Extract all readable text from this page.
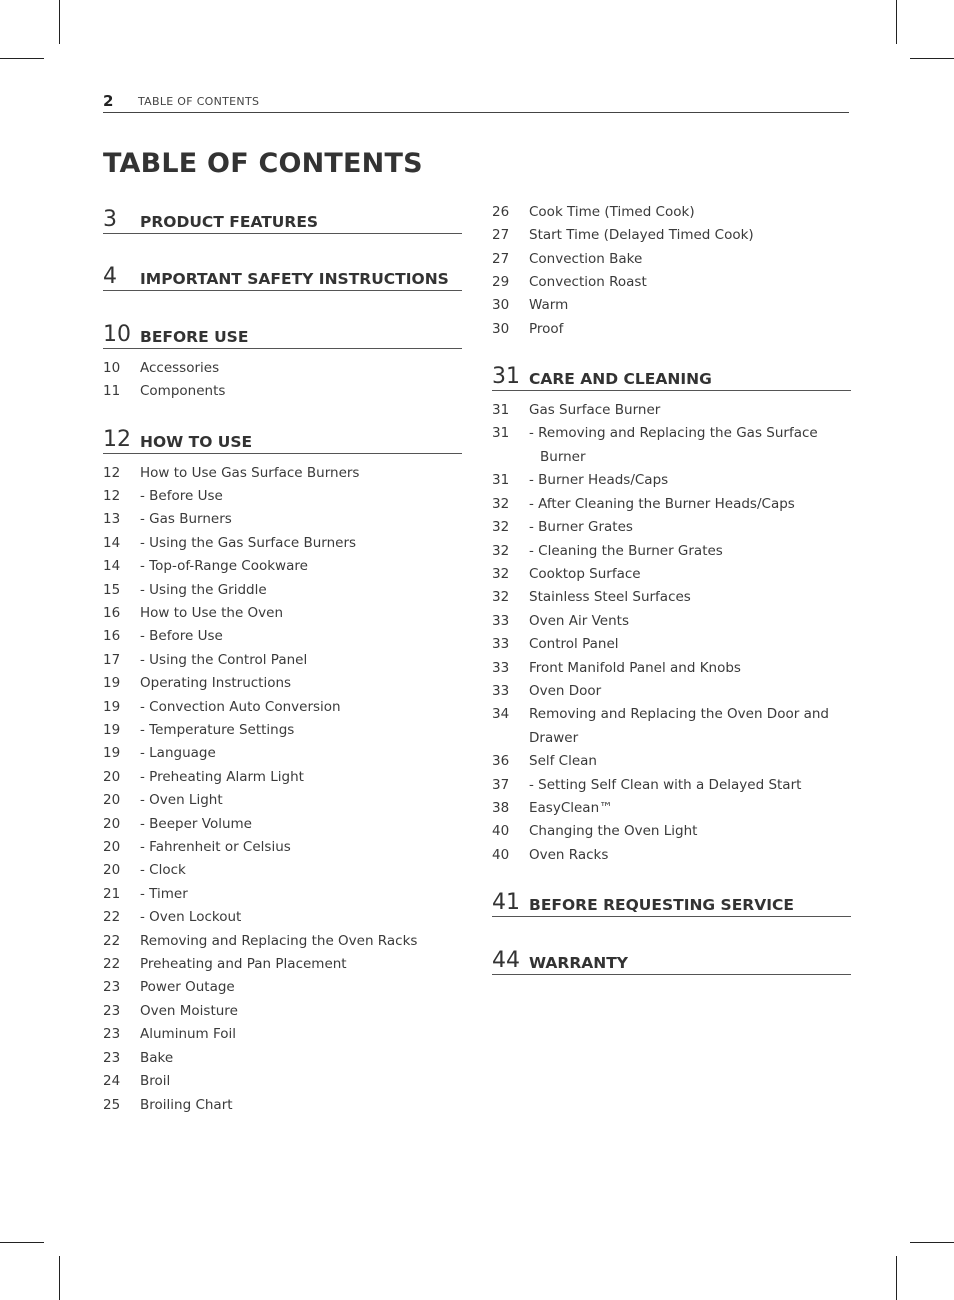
2 TABLE OF CONTENTS
TABLE OF CONTENTS
3 PRODUCT FEATURES
4 IMPORTANT SAFETY INSTRUCTIONS
10 BEFORE USE
10 Accessories
11 Components
12 HOW TO USE
12 How to Use Gas Surface Burners
12 - Before Use
13 - Gas Burners
14 - Using the Gas Surface Burners
14 - Top-of-Range Cookware
15 - Using the Griddle
16 How to Use the Oven
16 - Before Use
17 - Using the Control Panel
19 Operating Instructions
19 - Convection Auto Conversion
19 - Temperature Settings
19 - Language
20 - Preheating Alarm Light
20 - Oven Light
20 - Beeper Volume
20 - Fahrenheit or Celsius
20 - Clock
21 - Timer
22 - Oven Lockout
22 Removing and Replacing the Oven Racks
22 Preheating and Pan Placement
23 Power Outage
23 Oven Moisture
23 Aluminum Foil
23 Bake
24 Broil
25 Broiling Chart
26 Cook Time (Timed Cook)
27 Start Time (Delayed Timed Cook)
27 Convection Bake
29 Convection Roast
30 Warm
30 Proof
31 CARE AND CLEANING
31 Gas Surface Burner
31 - Removing and Replacing the Gas Surface
Burner
31 - Burner Heads/Caps
32 - After Cleaning the Burner Heads/Caps
32 - Burner Grates
32 - Cleaning the Burner Grates
32 Cooktop Surface
32 Stainless Steel Surfaces
33 Oven Air Vents
33 Control Panel
33 Front Manifold Panel and Knobs
33 Oven Door
34 Removing and Replacing the Oven Door and
Drawer
36 Self Clean
37 - Setting Self Clean with a Delayed Start
38 EasyClean™
40 Changing the Oven Light
40 Oven Racks
41 BEFORE REQUESTING SERVICE
44 WARRANTY
